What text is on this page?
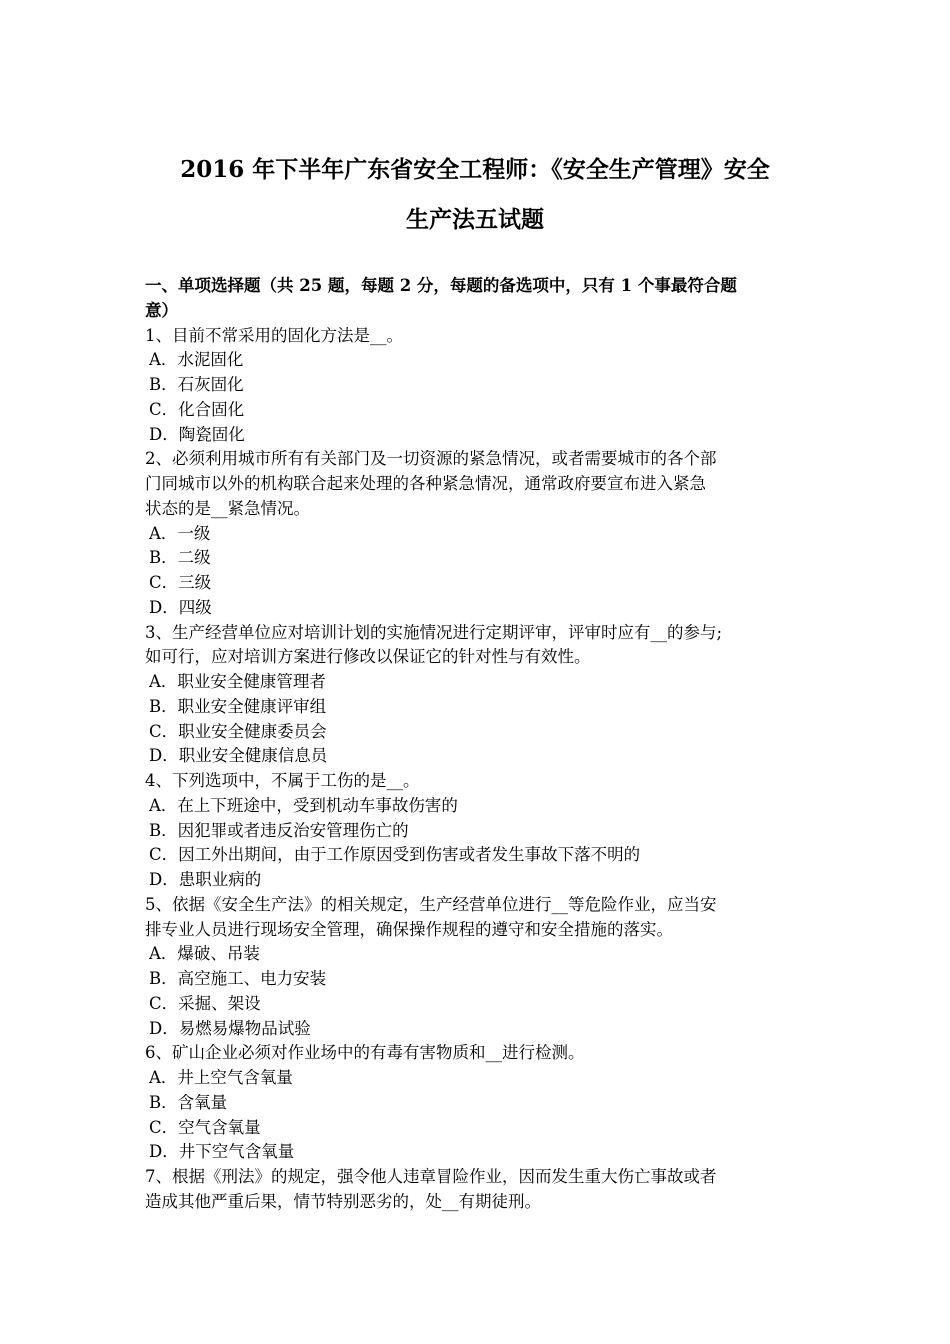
2016 年下半年广东省安全工程师：《安全生产管理》安全
生产法五试题
一、单项选择题（共 25 题，每题 2 分，每题的备选项中，只有 1 个事最符合题
意）
1、目前不常采用的固化方法是__。
A．水泥固化
B．石灰固化
C．化合固化
D．陶瓷固化
2、必须利用城市所有有关部门及一切资源的紧急情况，或者需要城市的各个部
门同城市以外的机构联合起来处理的各种紧急情况，通常政府要宣布进入紧急
状态的是__紧急情况。
A．一级
B．二级
C．三级
D．四级
3、生产经营单位应对培训计划的实施情况进行定期评审，评审时应有__的参与;
如可行，应对培训方案进行修改以保证它的针对性与有效性。
A．职业安全健康管理者
B．职业安全健康评审组
C．职业安全健康委员会
D．职业安全健康信息员
4、下列选项中，不属于工伤的是__。
A．在上下班途中，受到机动车事故伤害的
B．因犯罪或者违反治安管理伤亡的
C．因工外出期间，由于工作原因受到伤害或者发生事故下落不明的
D．患职业病的
5、依据《安全生产法》的相关规定，生产经营单位进行__等危险作业，应当安
排专业人员进行现场安全管理，确保操作规程的遵守和安全措施的落实。
A．爆破、吊装
B．高空施工、电力安装
C．采掘、架设
D．易燃易爆物品试验
6、矿山企业必须对作业场中的有毒有害物质和__进行检测。
A．井上空气含氧量
B．含氧量
C．空气含氧量
D．井下空气含氧量
7、根据《刑法》的规定，强令他人违章冒险作业，因而发生重大伤亡事故或者
造成其他严重后果，情节特别恶劣的，处__有期徒刑。
